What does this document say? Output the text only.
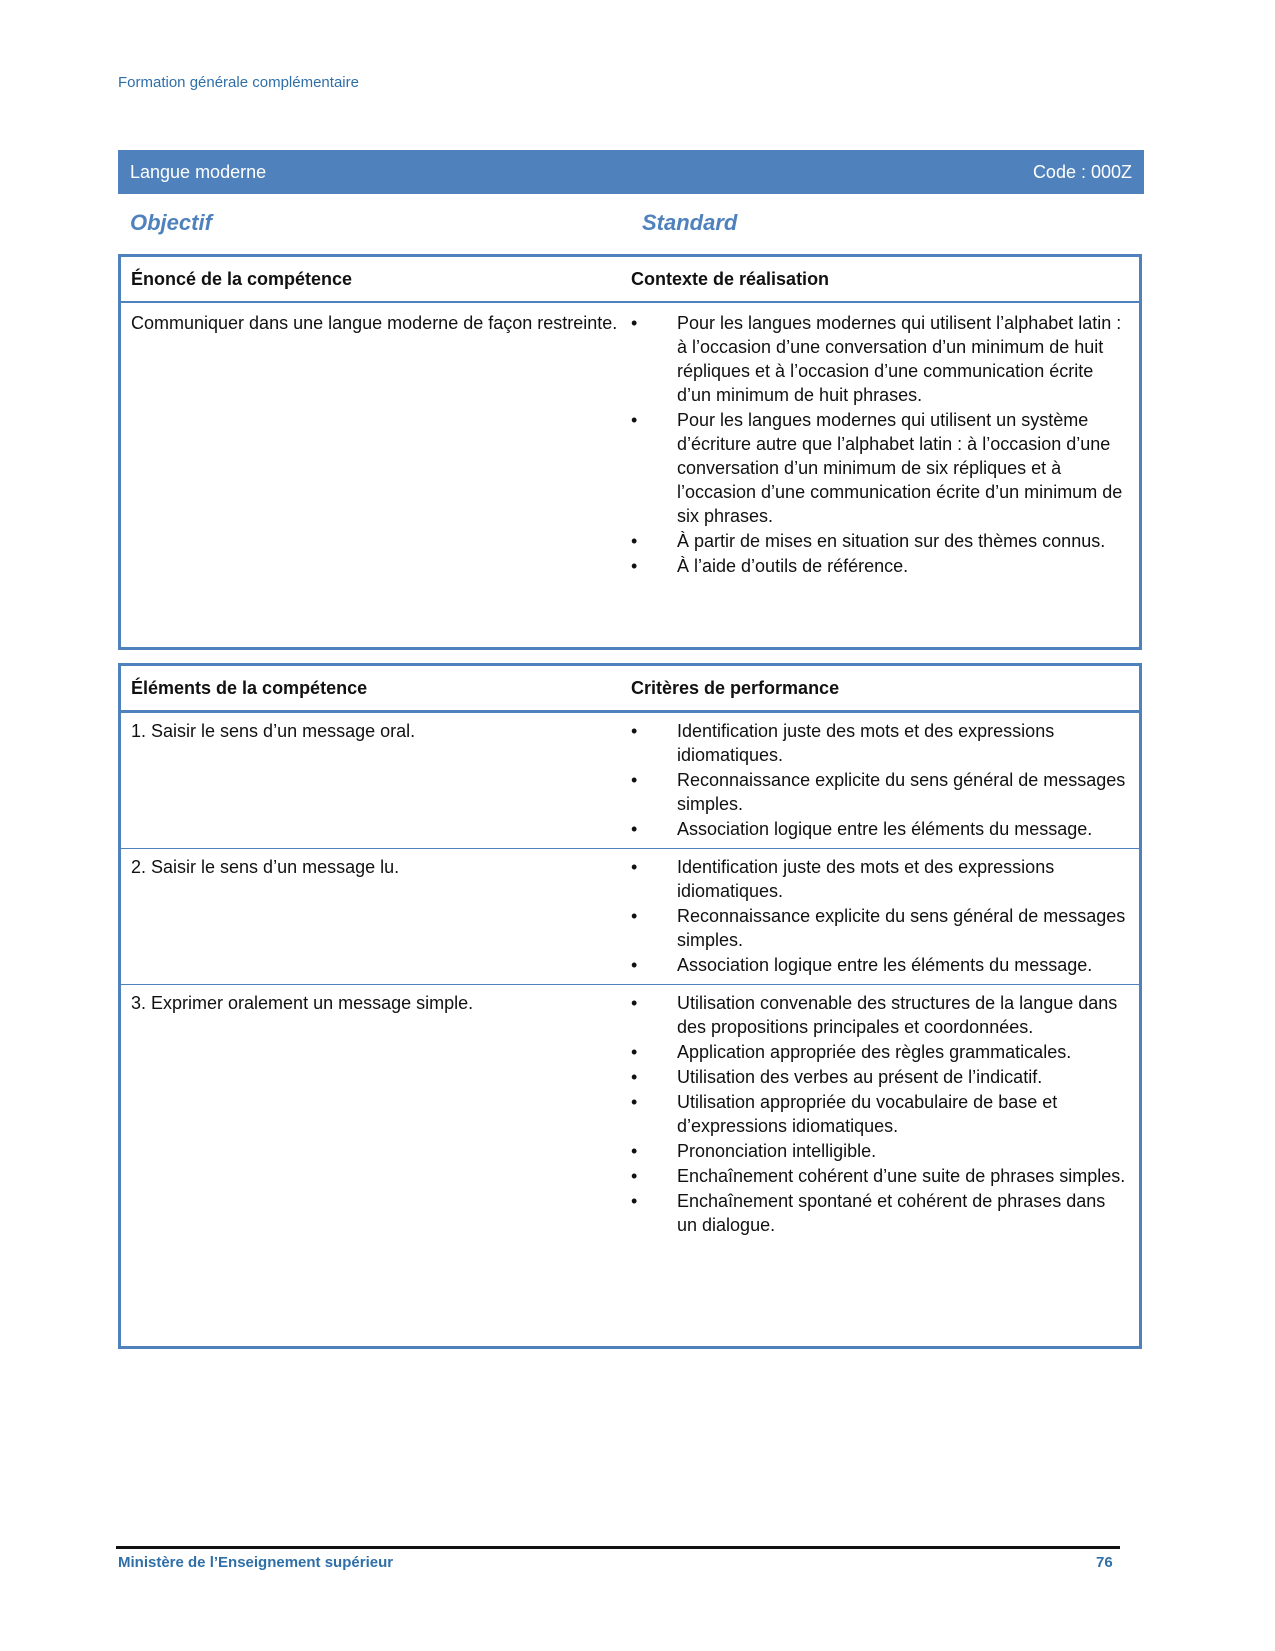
Formation générale complémentaire
Langue moderne	Code : 000Z
Objectif	Standard
Énoncé de la compétence	Contexte de réalisation
Communiquer dans une langue moderne de façon restreinte.	• Pour les langues modernes qui utilisent l’alphabet latin : à l’occasion d’une conversation d’un minimum de huit répliques et à l’occasion d’une communication écrite d’un minimum de huit phrases.
• Pour les langues modernes qui utilisent un système d’écriture autre que l’alphabet latin : à l’occasion d’une conversation d’un minimum de six répliques et à l’occasion d’une communication écrite d’un minimum de six phrases.
• À partir de mises en situation sur des thèmes connus.
• À l’aide d’outils de référence.
Éléments de la compétence	Critères de performance
1. Saisir le sens d’un message oral.	• Identification juste des mots et des expressions idiomatiques.
• Reconnaissance explicite du sens général de messages simples.
• Association logique entre les éléments du message.
2. Saisir le sens d’un message lu.	• Identification juste des mots et des expressions idiomatiques.
• Reconnaissance explicite du sens général de messages simples.
• Association logique entre les éléments du message.
3. Exprimer oralement un message simple.	• Utilisation convenable des structures de la langue dans des propositions principales et coordonnées.
• Application appropriée des règles grammaticales.
• Utilisation des verbes au présent de l’indicatif.
• Utilisation appropriée du vocabulaire de base et d’expressions idiomatiques.
• Prononciation intelligible.
• Enchaînement cohérent d’une suite de phrases simples.
• Enchaînement spontané et cohérent de phrases dans un dialogue.
Ministère de l’Enseignement supérieur	76
